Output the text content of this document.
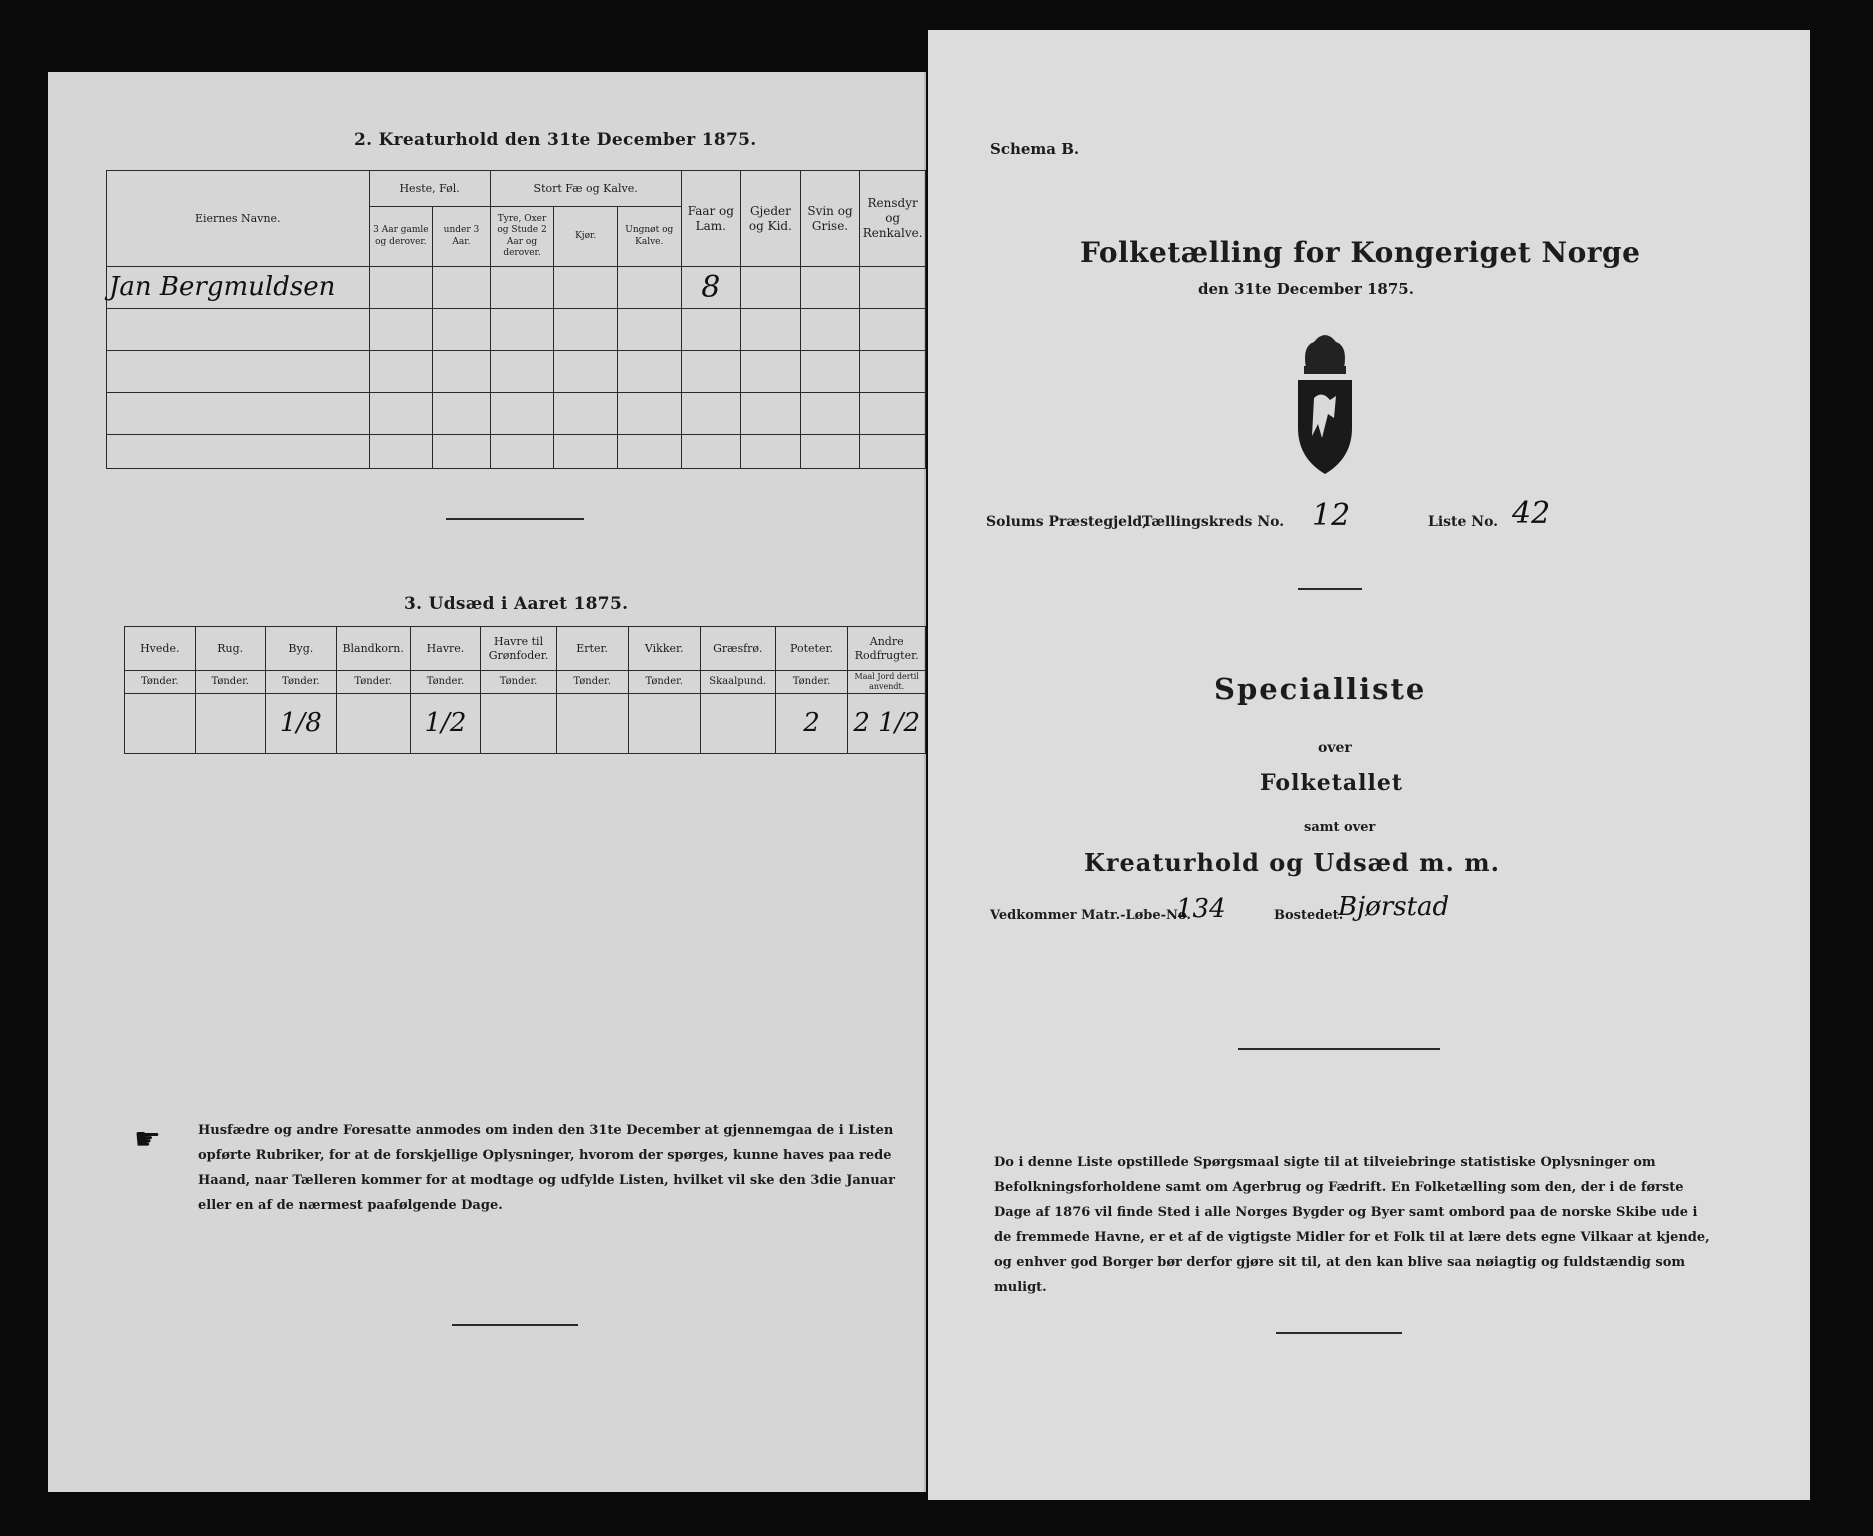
2. Kreaturhold den 31te December 1875.
Eiernes Navne.	Heste, Føl.		Stort Fæ og Kalve.			Faar og Lam.	Gjeder og Kid.	Svin og Grise.	Rensdyr og Renkalve.
	3 Aar gamle og derover.	under 3 Aar.	Tyre, Oxer og Stude 2 Aar og derover.	Kjør.	Ungnøt og Kalve.				
Jan Bergmuldsen						8			

3. Udsæd i Aaret 1875.
Hvede.	Rug.	Byg.	Blandkorn.	Havre.	Havre til Grønfoder.	Erter.	Vikker.	Græsfrø.	Poteter.	Andre Rodfrugter.
Tønder.	Tønder.	Tønder.	Tønder.	Tønder.	Tønder.	Tønder.	Tønder.	Skaalpund.	Tønder.	Maal Jord dertil anvendt.
		1/8		1/2					2	2 1/2
☛	Husfædre og andre Foresatte anmodes om inden den 31te December at gjennemgaa de i Listen opførte Rubriker, for at de forskjellige Oplysninger, hvorom der spørges, kunne haves paa rede Haand, naar Tælleren kommer for at modtage og udfylde Listen, hvilket vil ske den 3die Januar eller en af de nærmest paafølgende Dage.
Schema B.
Folketælling for Kongeriget Norge
den 31te December 1875.
Solums Præstegjeld,
Tællingskreds No. 12	Liste No. 42
Specialliste
over
Folketallet
samt over
Kreaturhold og Udsæd m. m.
Vedkommer Matr.-Løbe-No.
134	Bostedet:
Bjørstad
Do i denne Liste opstillede Spørgsmaal sigte til at tilveiebringe statistiske Oplysninger om Befolkningsforholdene samt om Agerbrug og Fædrift. En Folketælling som den, der i de første Dage af 1876 vil finde Sted i alle Norges Bygder og Byer samt ombord paa de norske Skibe ude i de fremmede Havne, er et af de vigtigste Midler for et Folk til at lære dets egne Vilkaar at kjende, og enhver god Borger bør derfor gjøre sit til, at den kan blive saa nøiagtig og fuldstændig som muligt.
